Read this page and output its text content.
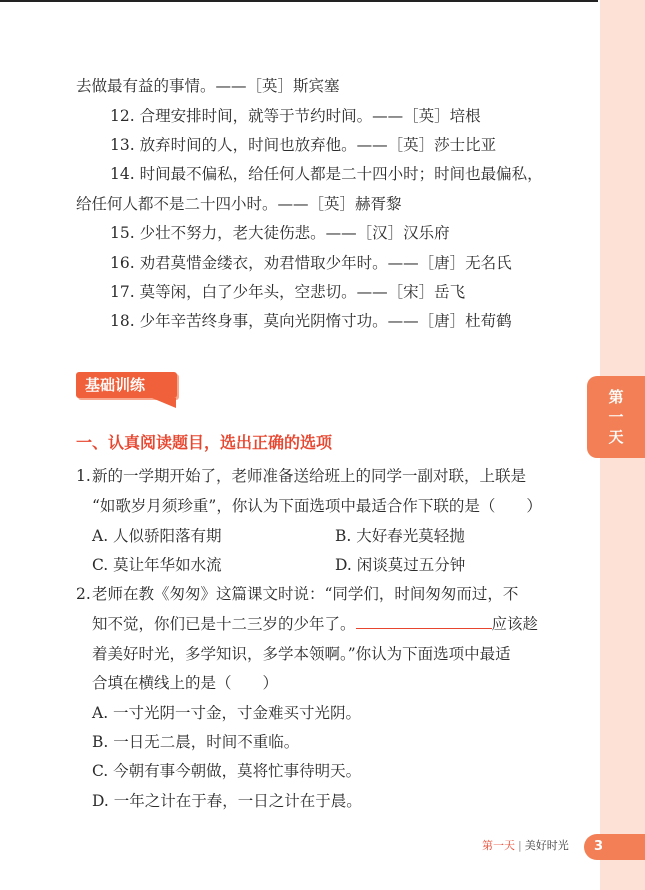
第
一
天
去做最有益的事情。——［英］斯宾塞
12. 合理安排时间，就等于节约时间。——［英］培根
13. 放弃时间的人，时间也放弃他。——［英］莎士比亚
14. 时间最不偏私，给任何人都是二十四小时；时间也最偏私，
给任何人都不是二十四小时。——［英］赫胥黎
15. 少壮不努力，老大徒伤悲。——［汉］汉乐府
16. 劝君莫惜金缕衣，劝君惜取少年时。——［唐］无名氏
17. 莫等闲，白了少年头，空悲切。——［宋］岳飞
18. 少年辛苦终身事，莫向光阴惰寸功。——［唐］杜荀鹤
基础训练
一、认真阅读题目，选出正确的选项
1. 新的一学期开始了，老师准备送给班上的同学一副对联，上联是
“如歌岁月须珍重”，你认为下面选项中最适合作下联的是（　　）
A. 人似骄阳落有期	B. 大好春光莫轻抛
C. 莫让年华如水流	D. 闲谈莫过五分钟
2. 老师在教《匆匆》这篇课文时说：“同学们，时间匆匆而过，不
知不觉，你们已是十二三岁的少年了。	应该趁
着美好时光，多学知识，多学本领啊。”你认为下面选项中最适
合填在横线上的是（　　）
A. 一寸光阴一寸金，寸金难买寸光阴。
B. 一日无二晨，时间不重临。
C. 今朝有事今朝做，莫将忙事待明天。
D. 一年之计在于春，一日之计在于晨。
第一天 | 美好时光	3
